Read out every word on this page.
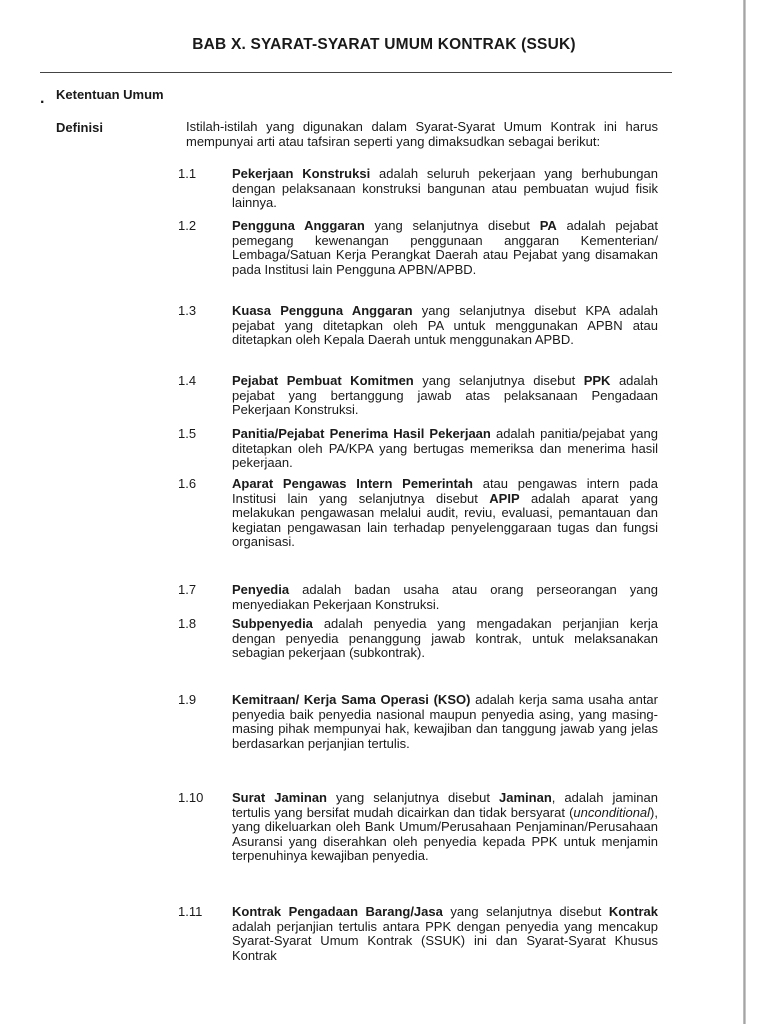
BAB X. SYARAT-SYARAT UMUM KONTRAK (SSUK)
. Ketentuan Umum
Definisi	Istilah-istilah yang digunakan dalam Syarat-Syarat Umum Kontrak ini harus mempunyai arti atau tafsiran seperti yang dimaksudkan sebagai berikut:
1.1	Pekerjaan Konstruksi adalah seluruh pekerjaan yang berhubungan dengan pelaksanaan konstruksi bangunan atau pembuatan wujud fisik lainnya.
1.2	Pengguna Anggaran yang selanjutnya disebut PA adalah pejabat pemegang kewenangan penggunaan anggaran Kementerian/ Lembaga/Satuan Kerja Perangkat Daerah atau Pejabat yang disamakan pada Institusi lain Pengguna APBN/APBD.
1.3	Kuasa Pengguna Anggaran yang selanjutnya disebut KPA adalah pejabat yang ditetapkan oleh PA untuk menggunakan APBN atau ditetapkan oleh Kepala Daerah untuk menggunakan APBD.
1.4	Pejabat Pembuat Komitmen yang selanjutnya disebut PPK adalah pejabat yang bertanggung jawab atas pelaksanaan Pengadaan Pekerjaan Konstruksi.
1.5	Panitia/Pejabat Penerima Hasil Pekerjaan adalah panitia/pejabat yang ditetapkan oleh PA/KPA yang bertugas memeriksa dan menerima hasil pekerjaan.
1.6	Aparat Pengawas Intern Pemerintah atau pengawas intern pada Institusi lain yang selanjutnya disebut APIP adalah aparat yang melakukan pengawasan melalui audit, reviu, evaluasi, pemantauan dan kegiatan pengawasan lain terhadap penyelenggaraan tugas dan fungsi organisasi.
1.7	Penyedia adalah badan usaha atau orang perseorangan yang menyediakan Pekerjaan Konstruksi.
1.8	Subpenyedia adalah penyedia yang mengadakan perjanjian kerja dengan penyedia penanggung jawab kontrak, untuk melaksanakan sebagian pekerjaan (subkontrak).
1.9	Kemitraan/ Kerja Sama Operasi (KSO) adalah kerja sama usaha antar penyedia baik penyedia nasional maupun penyedia asing, yang masing-masing pihak mempunyai hak, kewajiban dan tanggung jawab yang jelas berdasarkan perjanjian tertulis.
1.10	Surat Jaminan yang selanjutnya disebut Jaminan, adalah jaminan tertulis yang bersifat mudah dicairkan dan tidak bersyarat (unconditional), yang dikeluarkan oleh Bank Umum/Perusahaan Penjaminan/Perusahaan Asuransi yang diserahkan oleh penyedia kepada PPK untuk menjamin terpenuhinya kewajiban penyedia.
1.11	Kontrak Pengadaan Barang/Jasa yang selanjutnya disebut Kontrak adalah perjanjian tertulis antara PPK dengan penyedia yang mencakup Syarat-Syarat Umum Kontrak (SSUK) ini dan Syarat-Syarat Khusus Kontrak
